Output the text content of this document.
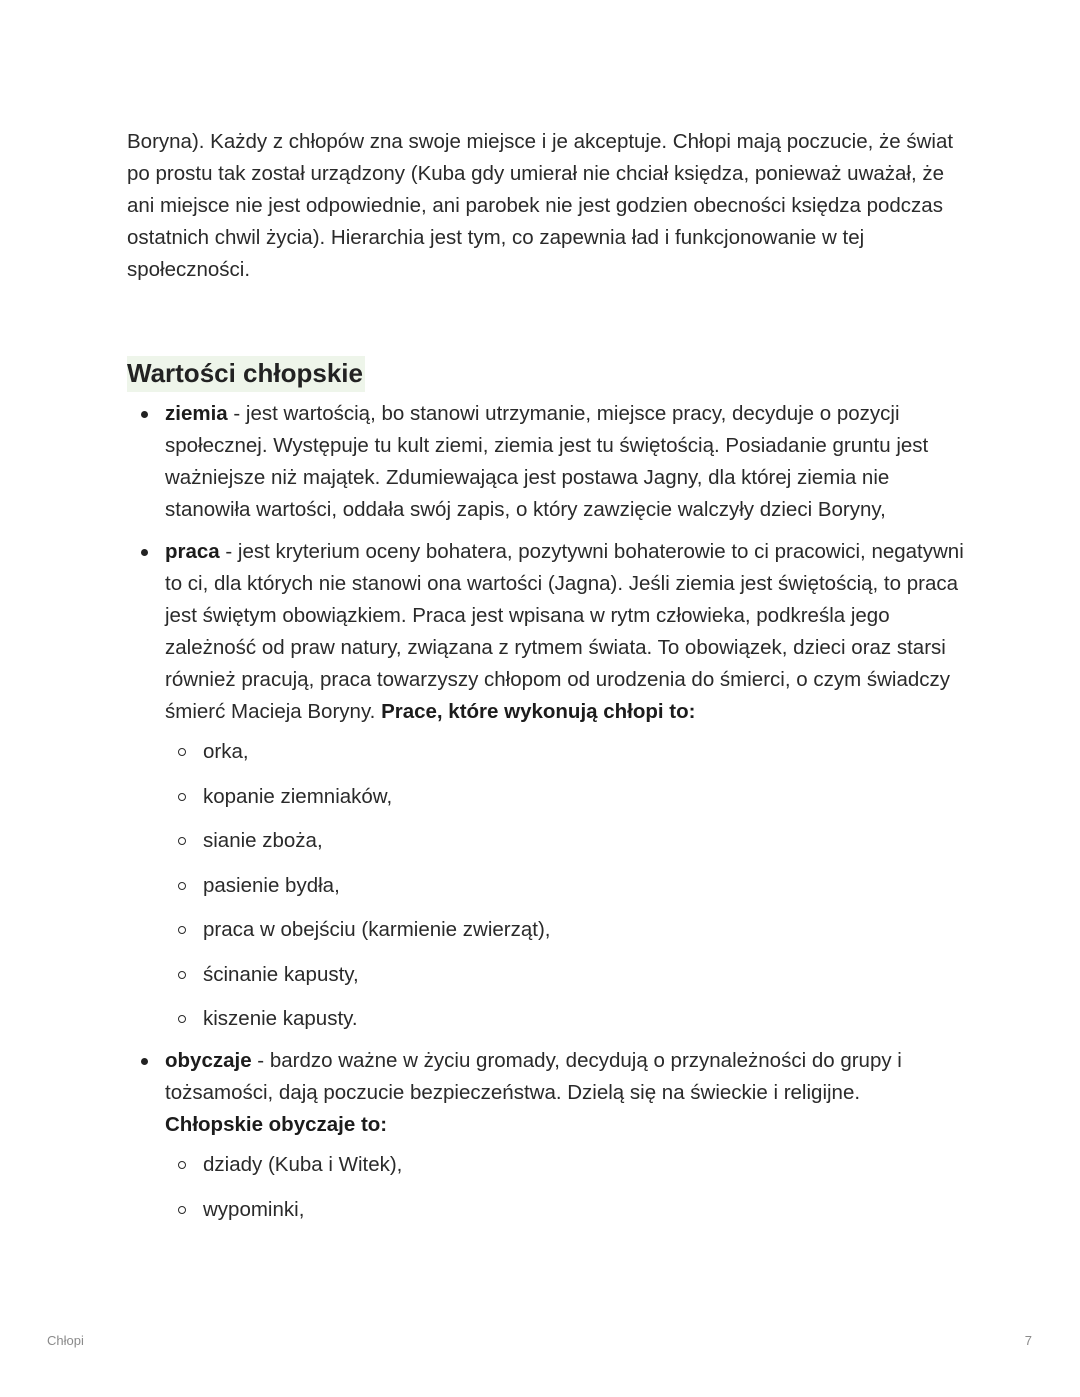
Boryna). Każdy z chłopów zna swoje miejsce i je akceptuje. Chłopi mają poczucie, że świat po prostu tak został urządzony (Kuba gdy umierał nie chciał księdza, ponieważ uważał, że ani miejsce nie jest odpowiednie, ani parobek nie jest godzien obecności księdza podczas ostatnich chwil życia). Hierarchia jest tym, co zapewnia ład i funkcjonowanie w tej społeczności.

Wartości chłopskie
ziemia - jest wartością, bo stanowi utrzymanie, miejsce pracy, decyduje o pozycji społecznej. Występuje tu kult ziemi, ziemia jest tu świętością. Posiadanie gruntu jest ważniejsze niż majątek. Zdumiewająca jest postawa Jagny, dla której ziemia nie stanowiła wartości, oddała swój zapis, o który zawzięcie walczyły dzieci Boryny,
praca - jest kryterium oceny bohatera, pozytywni bohaterowie to ci pracowici, negatywni to ci, dla których nie stanowi ona wartości (Jagna). Jeśli ziemia jest świętością, to praca jest świętym obowiązkiem. Praca jest wpisana w rytm człowieka, podkreśla jego zależność od praw natury, związana z rytmem świata. To obowiązek, dzieci oraz starsi również pracują, praca towarzyszy chłopom od urodzenia do śmierci, o czym świadczy śmierć Macieja Boryny. Prace, które wykonują chłopi to:
orka,
kopanie ziemniaków,
sianie zboża,
pasienie bydła,
praca w obejściu (karmienie zwierząt),
ścinanie kapusty,
kiszenie kapusty.
obyczaje - bardzo ważne w życiu gromady, decydują o przynależności do grupy i tożsamości, dają poczucie bezpieczeństwa. Dzielą się na świeckie i religijne.
Chłopskie obyczaje to:
dziady (Kuba i Witek),
wypominki,
Chłopi	7
